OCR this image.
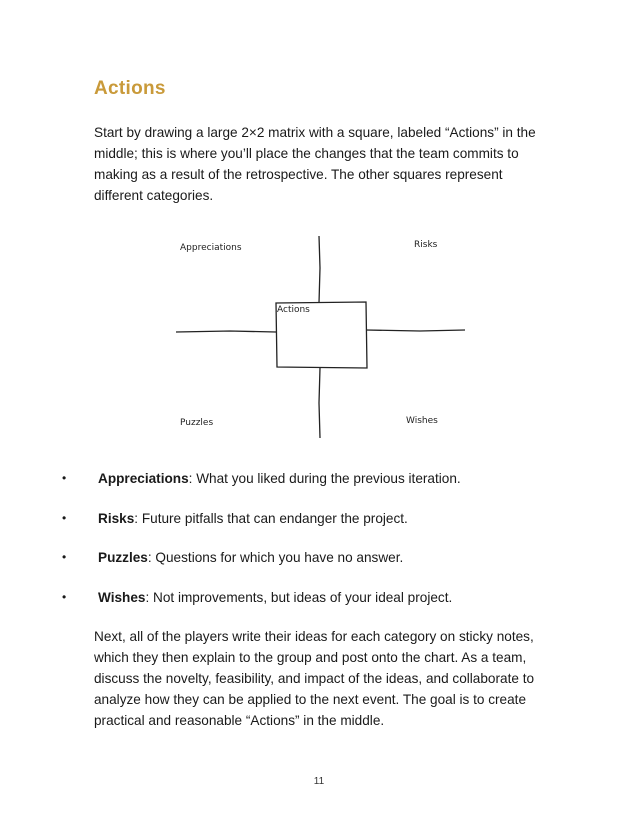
Actions
Start by drawing a large 2×2 matrix with a square, labeled “Actions” in the middle; this is where you’ll place the changes that the team commits to making as a result of the retrospective. The other squares represent different categories.
Appreciations	Risks
Actions
Puzzles	Wishes
• Appreciations: What you liked during the previous iteration.
• Risks: Future pitfalls that can endanger the project.
• Puzzles: Questions for which you have no answer.
• Wishes: Not improvements, but ideas of your ideal project.
Next, all of the players write their ideas for each category on sticky notes, which they then explain to the group and post onto the chart. As a team, discuss the novelty, feasibility, and impact of the ideas, and collaborate to analyze how they can be applied to the next event. The goal is to create practical and reasonable “Actions” in the middle.
11
